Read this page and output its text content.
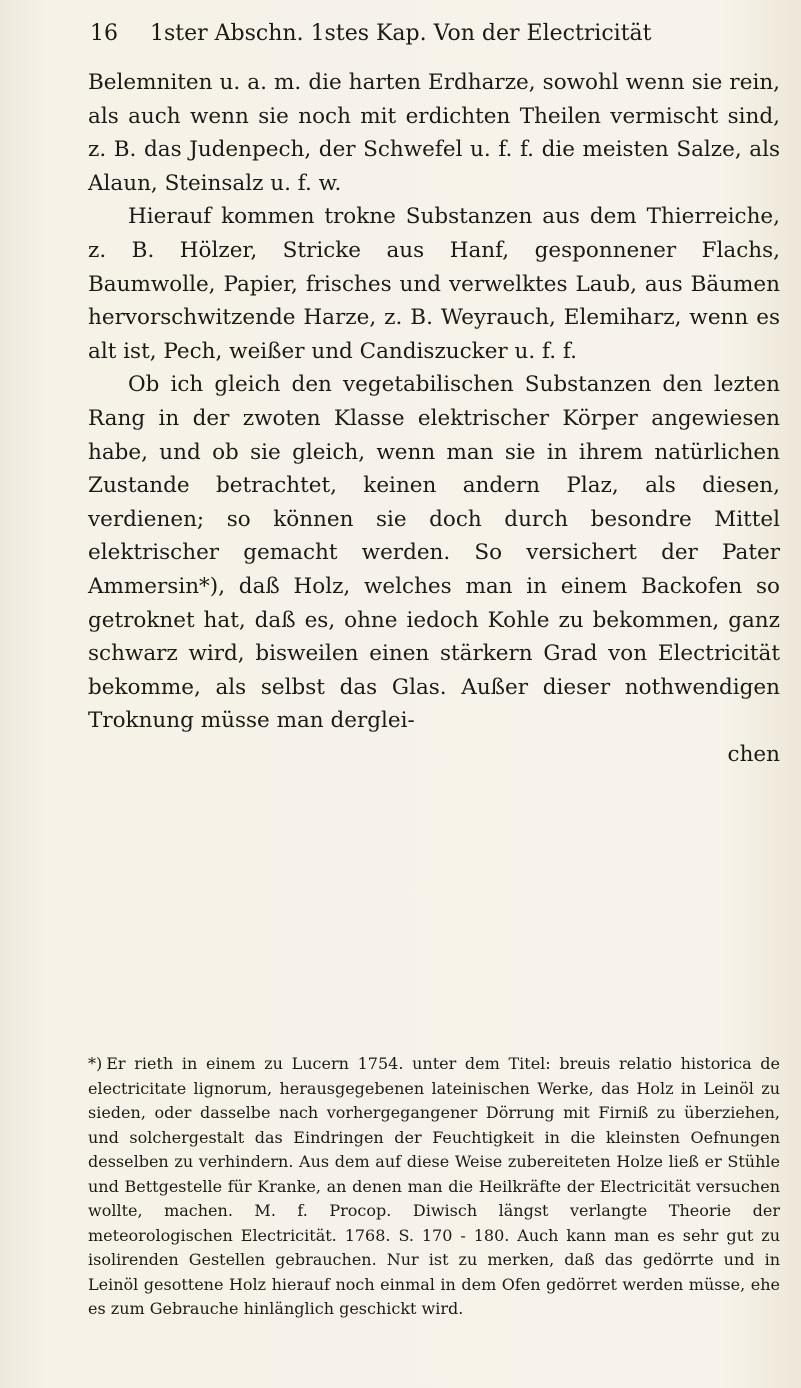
16 1ster Abschn. 1stes Kap. Von der Electricität

Belemniten u. a. m. die harten Erdharze, sowohl wenn sie rein, als auch wenn sie noch mit erdichten Theilen vermischt sind, z. B. das Judenpech, der Schwefel u. f. f. die meisten Salze, als Alaun, Steinsalz u. f. w.

Hierauf kommen trokne Substanzen aus dem Thierreiche, z. B. Hölzer, Stricke aus Hanf, gesponnener Flachs, Baumwolle, Papier, frisches und verwelktes Laub, aus Bäumen hervorschwitzende Harze, z. B. Weyrauch, Elemiharz, wenn es alt ist, Pech, weißer und Candiszucker u. f. f.

Ob ich gleich den vegetabilischen Substanzen den lezten Rang in der zwoten Klasse elektrischer Körper angewiesen habe, und ob sie gleich, wenn man sie in ihrem natürlichen Zustande betrachtet, keinen andern Plaz, als diesen, verdienen; so können sie doch durch besondre Mittel elektrischer gemacht werden. So versichert der Pater Ammersin*), daß Holz, welches man in einem Backofen so getroknet hat, daß es, ohne iedoch Kohle zu bekommen, ganz schwarz wird, bisweilen einen stärkern Grad von Electricität bekomme, als selbst das Glas. Außer dieser nothwendigen Troknung müsse man derglei-

chen

*) Er rieth in einem zu Lucern 1754. unter dem Titel: breuis relatio historica de electricitate lignorum, herausgegebenen lateinischen Werke, das Holz in Leinöl zu sieden, oder dasselbe nach vorhergegangener Dörrung mit Firniß zu überziehen, und solchergestalt das Eindringen der Feuchtigkeit in die kleinsten Oefnungen desselben zu verhindern. Aus dem auf diese Weise zubereiteten Holze ließ er Stühle und Bettgestelle für Kranke, an denen man die Heilkräfte der Electricität versuchen wollte, machen. M. f. Procop. Diwisch längst verlangte Theorie der meteorologischen Electricität. 1768. S. 170 - 180. Auch kann man es sehr gut zu isolirenden Gestellen gebrauchen. Nur ist zu merken, daß das gedörrte und in Leinöl gesottene Holz hierauf noch einmal in dem Ofen gedörret werden müsse, ehe es zum Gebrauche hinlänglich geschickt wird.
